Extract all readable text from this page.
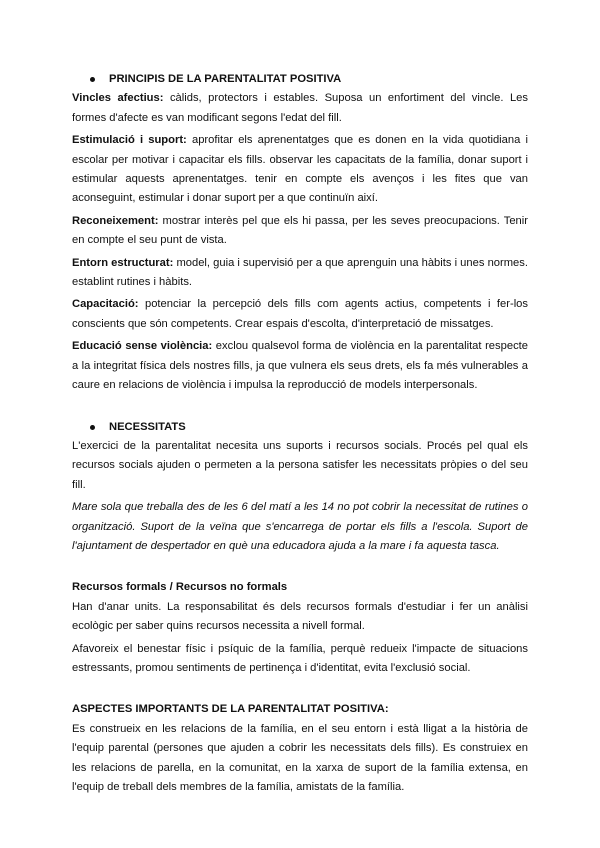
PRINCIPIS DE LA PARENTALITAT POSITIVA

Vincles afectius: càlids, protectors i estables. Suposa un enfortiment del vincle. Les formes d'afecte es van modificant segons l'edat del fill.

Estimulació i suport: aprofitar els aprenentatges que es donen en la vida quotidiana i escolar per motivar i capacitar els fills. observar les capacitats de la família, donar suport i estimular aquests aprenentatges. tenir en compte els avenços i les fites que van aconseguint, estimular i donar suport per a que continuïn així.

Reconeixement: mostrar interès pel que els hi passa, per les seves preocupacions. Tenir en compte el seu punt de vista.

Entorn estructurat: model, guia i supervisió per a que aprenguin una hàbits i unes normes. establint rutines i hàbits.

Capacitació: potenciar la percepció dels fills com agents actius, competents i fer-los conscients que són competents. Crear espais d'escolta, d'interpretació de missatges.

Educació sense violència: exclou qualsevol forma de violència en la parentalitat respecte a la integritat física dels nostres fills, ja que vulnera els seus drets, els fa més vulnerables a caure en relacions de violència i impulsa la reproducció de models interpersonals.

NECESSITATS

L'exercici de la parentalitat necesita uns suports i recursos socials. Procés pel qual els recursos socials ajuden o permeten a la persona satisfer les necessitats pròpies o del seu fill.

Mare sola que treballa des de les 6 del matí a les 14 no pot cobrir la necessitat de rutines o organització. Suport de la veïna que s'encarrega de portar els fills a l'escola. Suport de l'ajuntament de despertador en què una educadora ajuda a la mare i fa aquesta tasca.

Recursos formals / Recursos no formals

Han d'anar units. La responsabilitat és dels recursos formals d'estudiar i fer un anàlisi ecològic per saber quins recursos necessita a nivell formal.

Afavoreix el benestar físic i psíquic de la família, perquè redueix l'impacte de situacions estressants, promou sentiments de pertinença i d'identitat, evita l'exclusió social.

ASPECTES IMPORTANTS DE LA PARENTALITAT POSITIVA:

Es construeix en les relacions de la família, en el seu entorn i està lligat a la història de l'equip parental (persones que ajuden a cobrir les necessitats dels fills). Es construiex en les relacions de parella, en la comunitat, en la xarxa de suport de la família extensa, en l'equip de treball dels membres de la família, amistats de la família.
